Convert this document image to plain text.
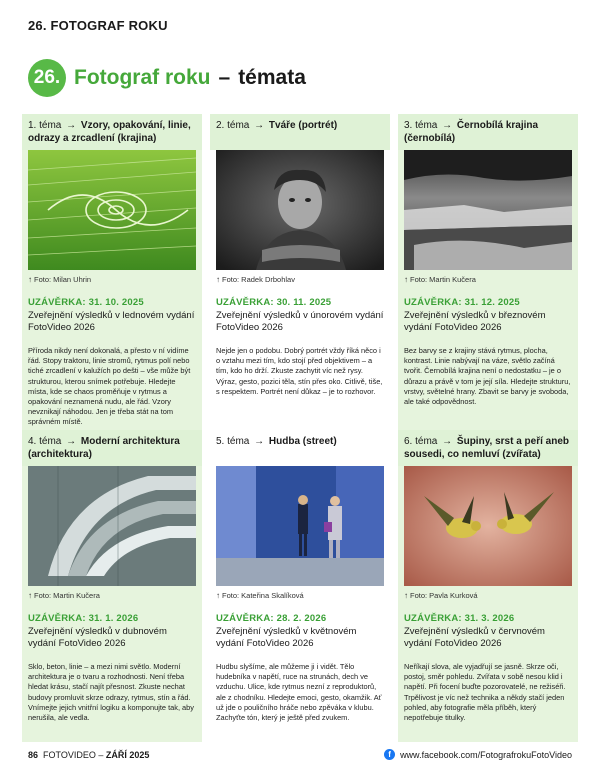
26. FOTOGRAF ROKU
26. Fotograf roku – témata
1. téma → Vzory, opakování, linie, odrazy a zrcadlení (krajina)
↑ Foto: Milan Uhrin
UZÁVĚRKA: 31. 10. 2025
Zveřejnění výsledků v lednovém vydání FotoVideo 2026
Příroda nikdy není dokonalá, a přesto v ní vidíme řád. Stopy traktoru, linie stromů, rytmus polí nebo tiché zrcadlení v kalužích po dešti – vše může být strukturou, kterou snímek potřebuje. Hledejte místa, kde se chaos proměňuje v rytmus a opakování neznamená nudu, ale řád. Vzory nevznikají náhodou. Jen je třeba stát na tom správném místě.
2. téma → Tváře (portrét)
↑ Foto: Radek Drbohlav
UZÁVĚRKA: 30. 11. 2025
Zveřejnění výsledků v únorovém vydání FotoVideo 2026
Nejde jen o podobu. Dobrý portrét vždy říká něco i o vztahu mezi tím, kdo stojí před objektivem – a tím, kdo ho drží. Zkuste zachytit víc než rysy. Výraz, gesto, pozici těla, stín přes oko. Citlivě, tiše, s respektem. Portrét není důkaz – je to rozhovor.
3. téma → Černobílá krajina (černobílá)
↑ Foto: Martin Kučera
UZÁVĚRKA: 31. 12. 2025
Zveřejnění výsledků v březnovém vydání FotoVideo 2026
Bez barvy se z krajiny stává rytmus, plocha, kontrast. Linie nabývají na váze, světlo začíná tvořit. Černobílá krajina není o nedostatku – je o důrazu a právě v tom je její síla. Hledejte strukturu, vrstvy, světelné hrany. Zbavit se barvy je svoboda, ale také odpovědnost.
4. téma → Moderní architektura (architektura)
↑ Foto: Martin Kučera
UZÁVĚRKA: 31. 1. 2026
Zveřejnění výsledků v dubnovém vydání FotoVideo 2026
Sklo, beton, linie – a mezi nimi světlo. Moderní architektura je o tvaru a rozhodnosti. Není třeba hledat krásu, stačí najít přesnost. Zkuste nechat budovy promluvit skrze odrazy, rytmus, stín a řád. Vnímejte jejich vnitřní logiku a komponujte tak, aby nerušila, ale vedla.
5. téma → Hudba (street)
↑ Foto: Kateřina Skalíková
UZÁVĚRKA: 28. 2. 2026
Zveřejnění výsledků v květnovém vydání FotoVideo 2026
Hudbu slyšíme, ale můžeme ji i vidět. Tělo hudebníka v napětí, ruce na strunách, dech ve vzduchu. Ulice, kde rytmus nezní z reproduktorů, ale z chodníku. Hledejte emoci, gesto, okamžik. Ať už jde o pouličního hráče nebo zpěváka v klubu. Zachyťte tón, který je ještě před zvukem.
6. téma → Šupiny, srst a peří aneb sousedi, co nemluví (zvířata)
↑ Foto: Pavla Kurková
UZÁVĚRKA: 31. 3. 2026
Zveřejnění výsledků v červnovém vydání FotoVideo 2026
Neříkají slova, ale vyjadřují se jasně. Skrze oči, postoj, směr pohledu. Zvířata v sobě nesou klid i napětí. Při focení buďte pozorovatelé, ne režiséři. Trpělivost je víc než technika a někdy stačí jeden pohled, aby fotografie měla příběh, který nepotřebuje titulky.
86 FOTOVIDEO – ZÁŘÍ 2025	f	www.facebook.com/FotografrokuFotoVideo
